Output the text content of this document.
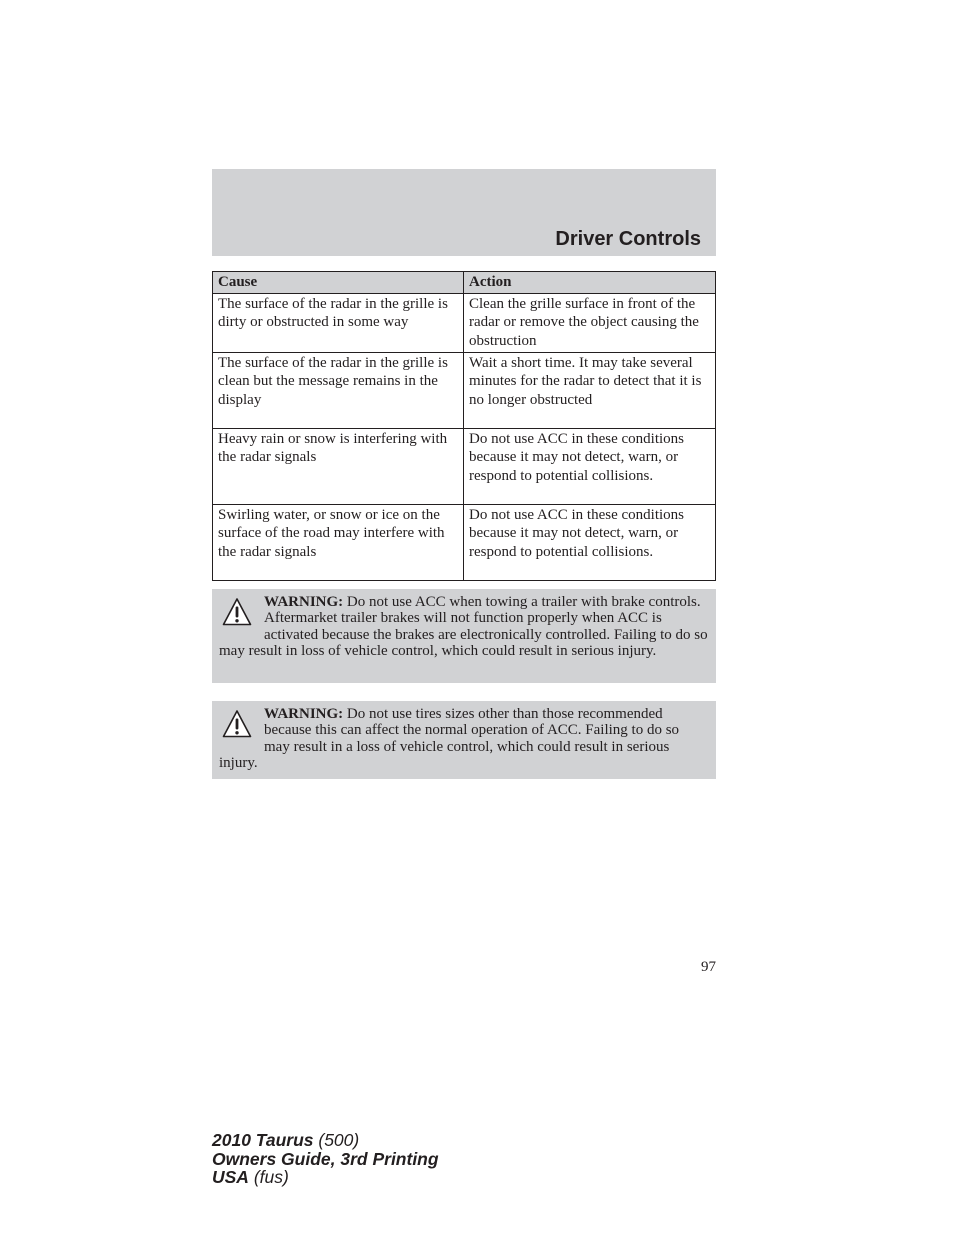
Driver Controls
Cause	Action
The surface of the radar in the grille is dirty or obstructed in some way	Clean the grille surface in front of the radar or remove the object causing the obstruction
The surface of the radar in the grille is clean but the message remains in the display	Wait a short time. It may take several minutes for the radar to detect that it is no longer obstructed
Heavy rain or snow is interfering with the radar signals	Do not use ACC in these conditions because it may not detect, warn, or respond to potential collisions.
Swirling water, or snow or ice on the surface of the road may interfere with the radar signals	Do not use ACC in these conditions because it may not detect, warn, or respond to potential collisions.
WARNING: Do not use ACC when towing a trailer with brake controls. Aftermarket trailer brakes will not function properly when ACC is activated because the brakes are electronically controlled. Failing to do so may result in loss of vehicle control, which could result in serious injury.
WARNING: Do not use tires sizes other than those recommended because this can affect the normal operation of ACC. Failing to do so may result in a loss of vehicle control, which could result in serious injury.
97
2010 Taurus (500)
Owners Guide, 3rd Printing
USA (fus)
